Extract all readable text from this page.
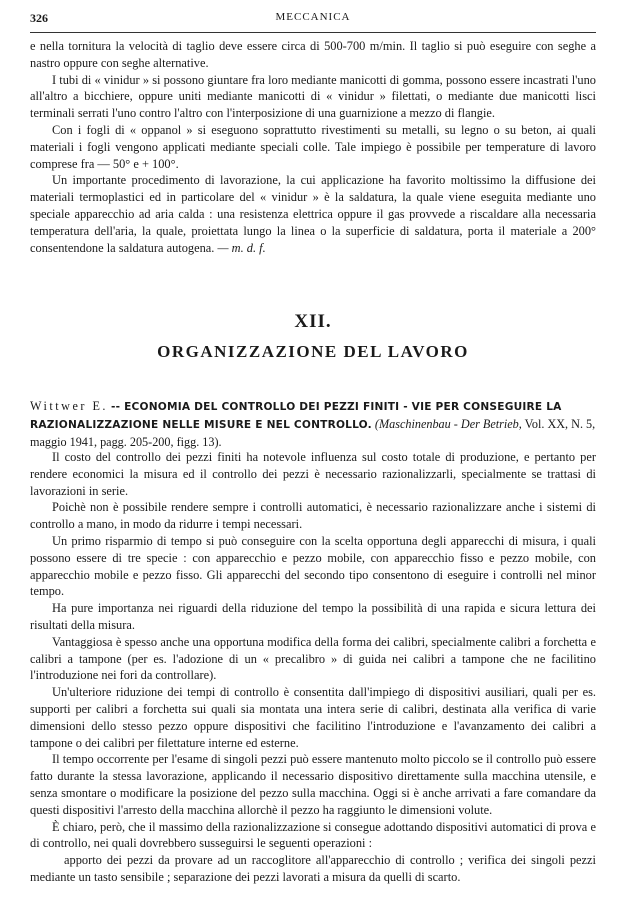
326	MECCANICA

e nella tornitura la velocità di taglio deve essere circa di 500-700 m/min. Il taglio si può eseguire con seghe a nastro oppure con seghe alternative.

I tubi di « vinidur » si possono giuntare fra loro mediante manicotti di gomma, possono essere incastrati l'uno all'altro a bicchiere, oppure uniti mediante manicotti di « vinidur » filettati, o mediante due manicotti lisci terminali serrati l'uno contro l'altro con l'interposizione di una guarnizione a mezzo di flangie.

Con i fogli di « oppanol » si eseguono soprattutto rivestimenti su metalli, su legno o su beton, ai quali materiali i fogli vengono applicati mediante speciali colle. Tale impiego è possibile per temperature di lavoro comprese fra — 50° e + 100°.

Un importante procedimento di lavorazione, la cui applicazione ha favorito moltissimo la diffusione dei materiali termoplastici ed in particolare del « vinidur » è la saldatura, la quale viene eseguita mediante uno speciale apparecchio ad aria calda : una resistenza elettrica oppure il gas provvede a riscaldare alla necessaria temperatura dell'aria, la quale, proiettata lungo la linea o la superficie di saldatura, porta il materiale a 200° consentendone la saldatura autogena. — m. d. f.

XII.
ORGANIZZAZIONE DEL LAVORO
Wittwer E. -- ECONOMIA DEL CONTROLLO DEI PEZZI FINITI - VIE PER CONSEGUIRE LA RAZIONALIZZAZIONE NELLE MISURE E NEL CONTROLLO. (Maschinenbau - Der Betrieb, Vol. XX, N. 5, maggio 1941, pagg. 205-200, figg. 13).

Il costo del controllo dei pezzi finiti ha notevole influenza sul costo totale di produzione, e pertanto per rendere economici la misura ed il controllo dei pezzi è necessario razionalizzarli, specialmente se trattasi di lavorazioni in serie.

Poichè non è possibile rendere sempre i controlli automatici, è necessario razionalizzare anche i sistemi di controllo a mano, in modo da ridurre i tempi necessari.

Un primo risparmio di tempo si può conseguire con la scelta opportuna degli apparecchi di misura, i quali possono essere di tre specie : con apparecchio e pezzo mobile, con apparecchio fisso e pezzo mobile, con apparecchio mobile e pezzo fisso. Gli apparecchi del secondo tipo consentono di eseguire i controlli nel minor tempo.

Ha pure importanza nei riguardi della riduzione del tempo la possibilità di una rapida e sicura lettura dei risultati della misura.

Vantaggiosa è spesso anche una opportuna modifica della forma dei calibri, specialmente calibri a forchetta e calibri a tampone (per es. l'adozione di un « precalibro » di guida nei calibri a tampone che ne facilitino l'introduzione nei fori da controllare).

Un'ulteriore riduzione dei tempi di controllo è consentita dall'impiego di dispositivi ausiliari, quali per es. supporti per calibri a forchetta sui quali sia montata una intera serie di calibri, destinata alla verifica di varie dimensioni dello stesso pezzo oppure dispositivi che facilitino l'introduzione e l'avanzamento dei calibri a tampone o dei calibri per filettature interne ed esterne.

Il tempo occorrente per l'esame di singoli pezzi può essere mantenuto molto piccolo se il controllo può essere fatto durante la stessa lavorazione, applicando il necessario dispositivo direttamente sulla macchina utensile, e senza smontare o modificare la posizione del pezzo sulla macchina. Oggi si è anche arrivati a fare comandare da questi dispositivi l'arresto della macchina allorchè il pezzo ha raggiunto le dimensioni volute.

È chiaro, però, che il massimo della razionalizzazione si consegue adottando dispositivi automatici di prova e di controllo, nei quali dovrebbero susseguirsi le seguenti operazioni :

apporto dei pezzi da provare ad un raccoglitore all'apparecchio di controllo ; verifica dei singoli pezzi mediante un tasto sensibile ; separazione dei pezzi lavorati a misura da quelli di scarto.
